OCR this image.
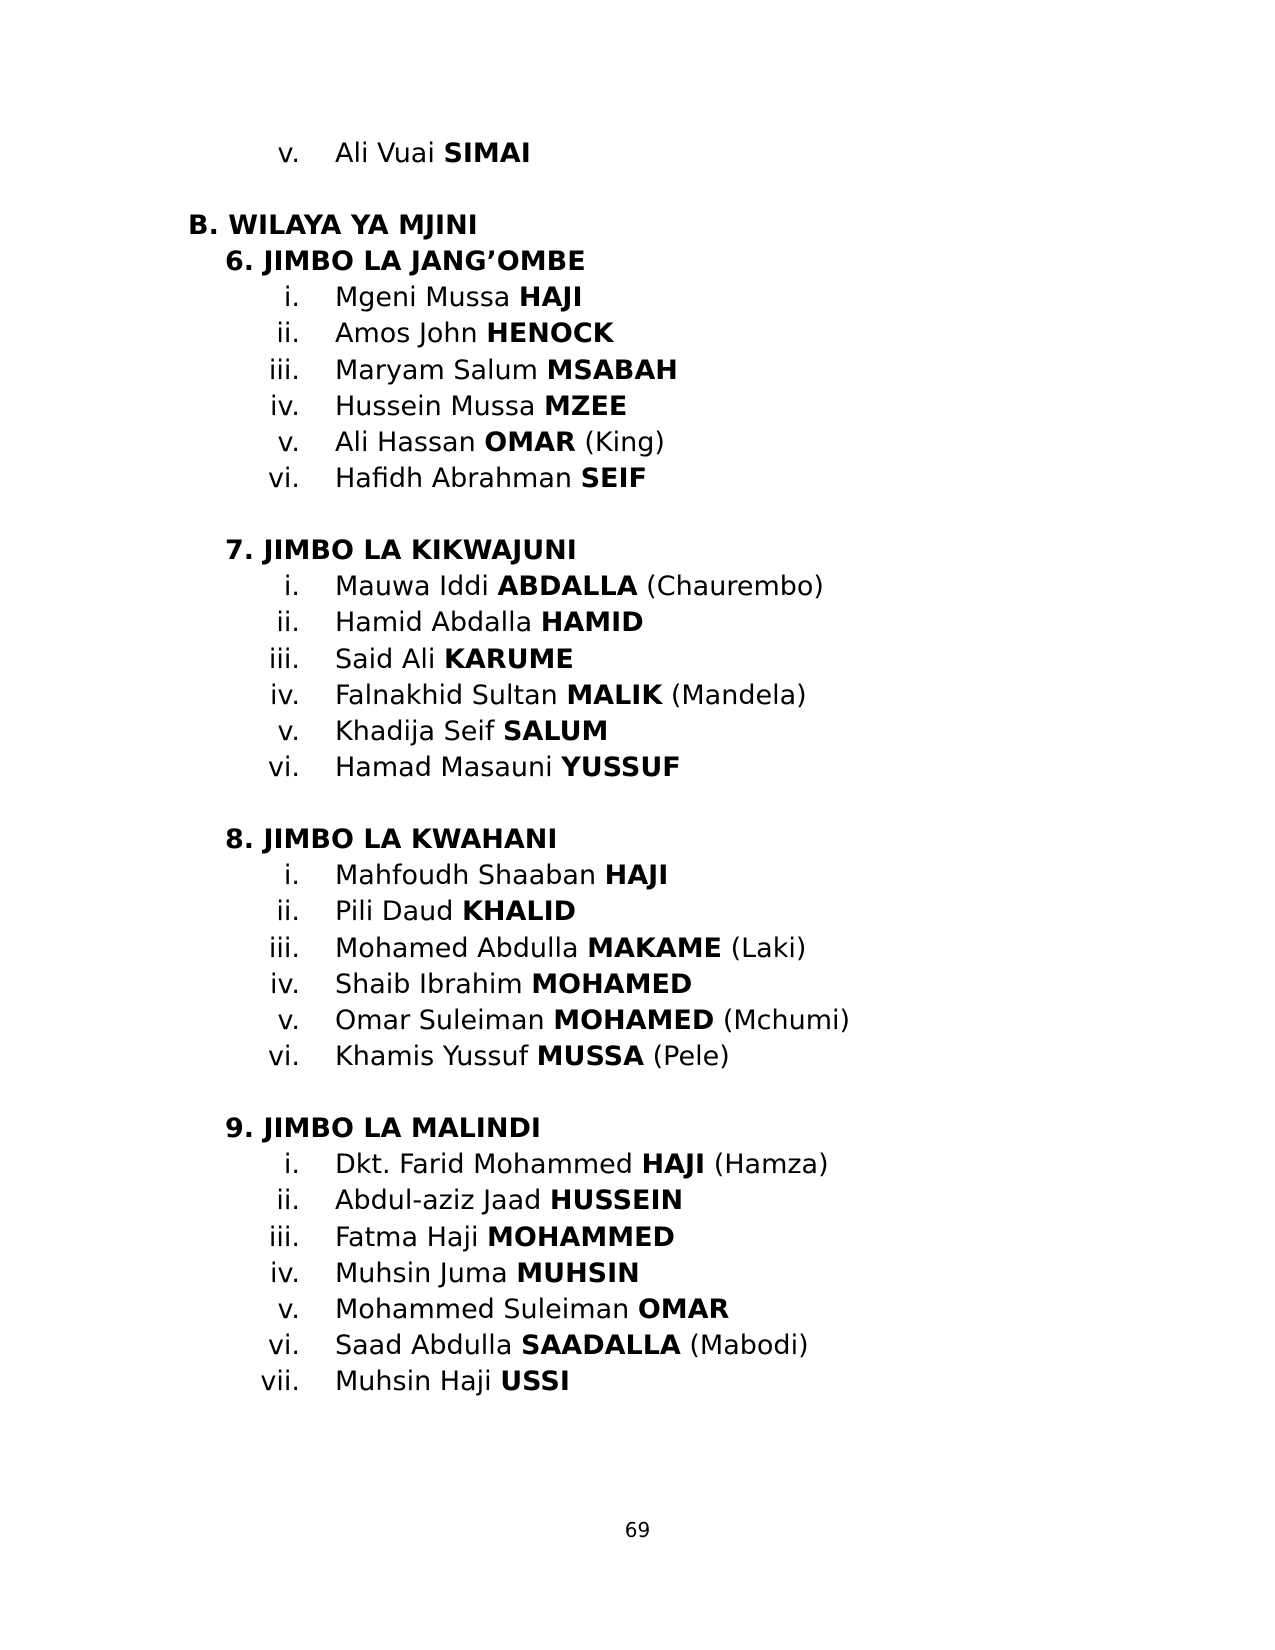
v. Ali Vuai SIMAI
B. WILAYA YA MJINI
6. JIMBO LA JANG’OMBE
i. Mgeni Mussa HAJI
ii. Amos John HENOCK
iii. Maryam Salum MSABAH
iv. Hussein Mussa MZEE
v. Ali Hassan OMAR (King)
vi. Hafidh Abrahman SEIF
7. JIMBO LA KIKWAJUNI
i. Mauwa Iddi ABDALLA (Chaurembo)
ii. Hamid Abdalla HAMID
iii. Said Ali KARUME
iv. Falnakhid Sultan MALIK (Mandela)
v. Khadija Seif SALUM
vi. Hamad Masauni YUSSUF
8. JIMBO LA KWAHANI
i. Mahfoudh Shaaban HAJI
ii. Pili Daud KHALID
iii. Mohamed Abdulla MAKAME (Laki)
iv. Shaib Ibrahim MOHAMED
v. Omar Suleiman MOHAMED (Mchumi)
vi. Khamis Yussuf MUSSA (Pele)
9. JIMBO LA MALINDI
i. Dkt. Farid Mohammed HAJI (Hamza)
ii. Abdul-aziz Jaad HUSSEIN
iii. Fatma Haji MOHAMMED
iv. Muhsin Juma MUHSIN
v. Mohammed Suleiman OMAR
vi. Saad Abdulla SAADALLA (Mabodi)
vii. Muhsin Haji USSI
69
